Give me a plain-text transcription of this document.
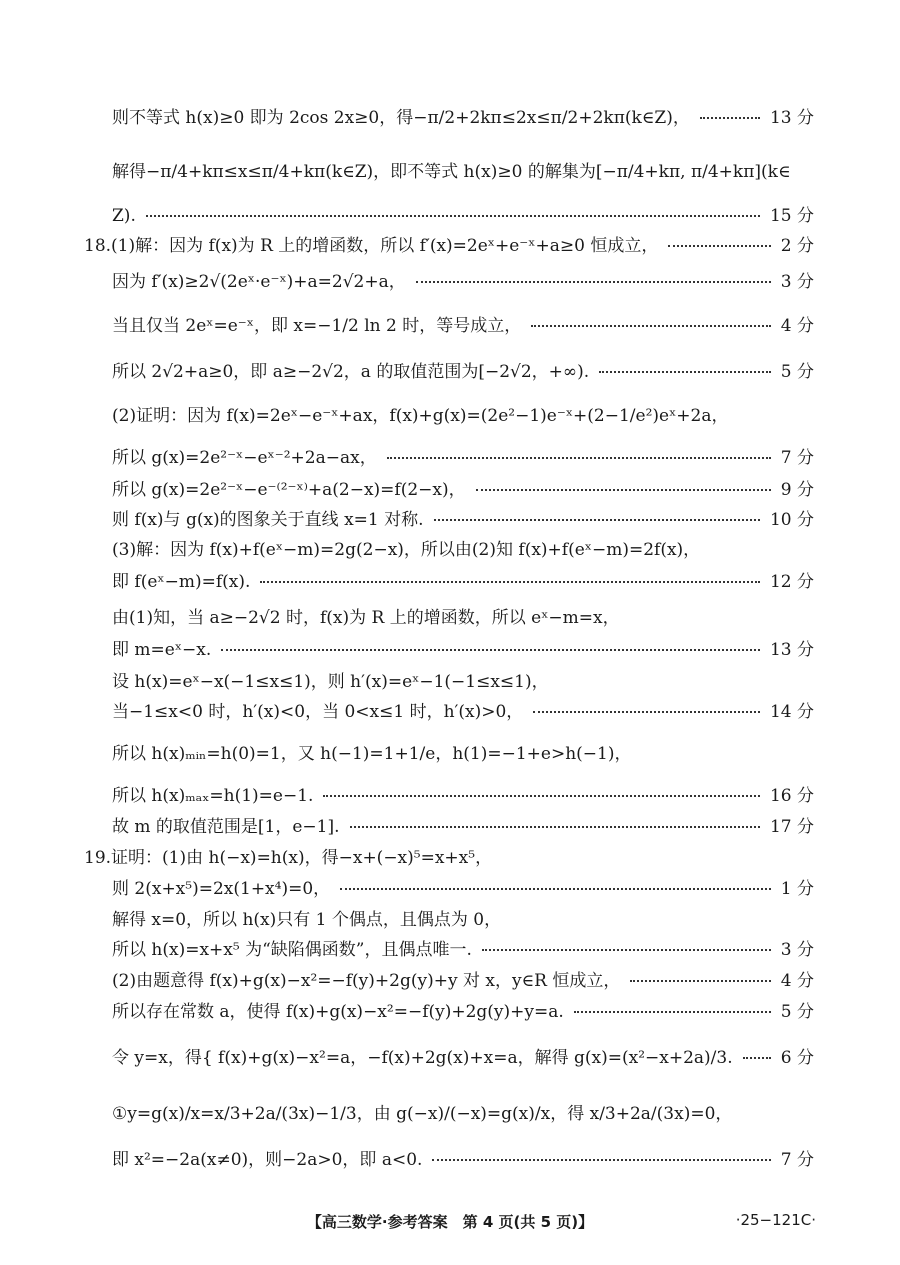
则不等式 h(x)≥0 即为 2cos 2x≥0，得−π/2+2kπ≤2x≤π/2+2kπ(k∈Z)，	13 分
解得−π/4+kπ≤x≤π/4+kπ(k∈Z)，即不等式 h(x)≥0 的解集为[−π/4+kπ, π/4+kπ](k∈
Z).	15 分
18.(1)解：因为 f(x)为 R 上的增函数，所以 f′(x)=2eˣ+e⁻ˣ+a≥0 恒成立，	2 分
因为 f′(x)≥2√(2eˣ·e⁻ˣ)+a=2√2+a，	3 分
当且仅当 2eˣ=e⁻ˣ，即 x=−1/2 ln 2 时，等号成立，	4 分
所以 2√2+a≥0，即 a≥−2√2，a 的取值范围为[−2√2，+∞).	5 分
(2)证明：因为 f(x)=2eˣ−e⁻ˣ+ax，f(x)+g(x)=(2e²−1)e⁻ˣ+(2−1/e²)eˣ+2a，
所以 g(x)=2e²⁻ˣ−eˣ⁻²+2a−ax，	7 分
所以 g(x)=2e²⁻ˣ−e⁻⁽²⁻ˣ⁾+a(2−x)=f(2−x)，	9 分
则 f(x)与 g(x)的图象关于直线 x=1 对称.	10 分
(3)解：因为 f(x)+f(eˣ−m)=2g(2−x)，所以由(2)知 f(x)+f(eˣ−m)=2f(x)，
即 f(eˣ−m)=f(x).	12 分
由(1)知，当 a≥−2√2 时，f(x)为 R 上的增函数，所以 eˣ−m=x，
即 m=eˣ−x.	13 分
设 h(x)=eˣ−x(−1≤x≤1)，则 h′(x)=eˣ−1(−1≤x≤1)，
当−1≤x<0 时，h′(x)<0，当 0<x≤1 时，h′(x)>0，	14 分
所以 h(x)ₘᵢₙ=h(0)=1，又 h(−1)=1+1/e，h(1)=−1+e>h(−1)，
所以 h(x)ₘₐₓ=h(1)=e−1.	16 分
故 m 的取值范围是[1，e−1].	17 分
19.证明：(1)由 h(−x)=h(x)，得−x+(−x)⁵=x+x⁵，
则 2(x+x⁵)=2x(1+x⁴)=0，	1 分
解得 x=0，所以 h(x)只有 1 个偶点，且偶点为 0，
所以 h(x)=x+x⁵ 为“缺陷偶函数”，且偶点唯一.	3 分
(2)由题意得 f(x)+g(x)−x²=−f(y)+2g(y)+y 对 x，y∈R 恒成立，	4 分
所以存在常数 a，使得 f(x)+g(x)−x²=−f(y)+2g(y)+y=a.	5 分
令 y=x，得{ f(x)+g(x)−x²=a，−f(x)+2g(x)+x=a，解得 g(x)=(x²−x+2a)/3.	6 分
①y=g(x)/x=x/3+2a/(3x)−1/3，由 g(−x)/(−x)=g(x)/x，得 x/3+2a/(3x)=0，
即 x²=−2a(x≠0)，则−2a>0，即 a<0.	7 分
【高三数学·参考答案　第 4 页(共 5 页)】	·25−121C·
